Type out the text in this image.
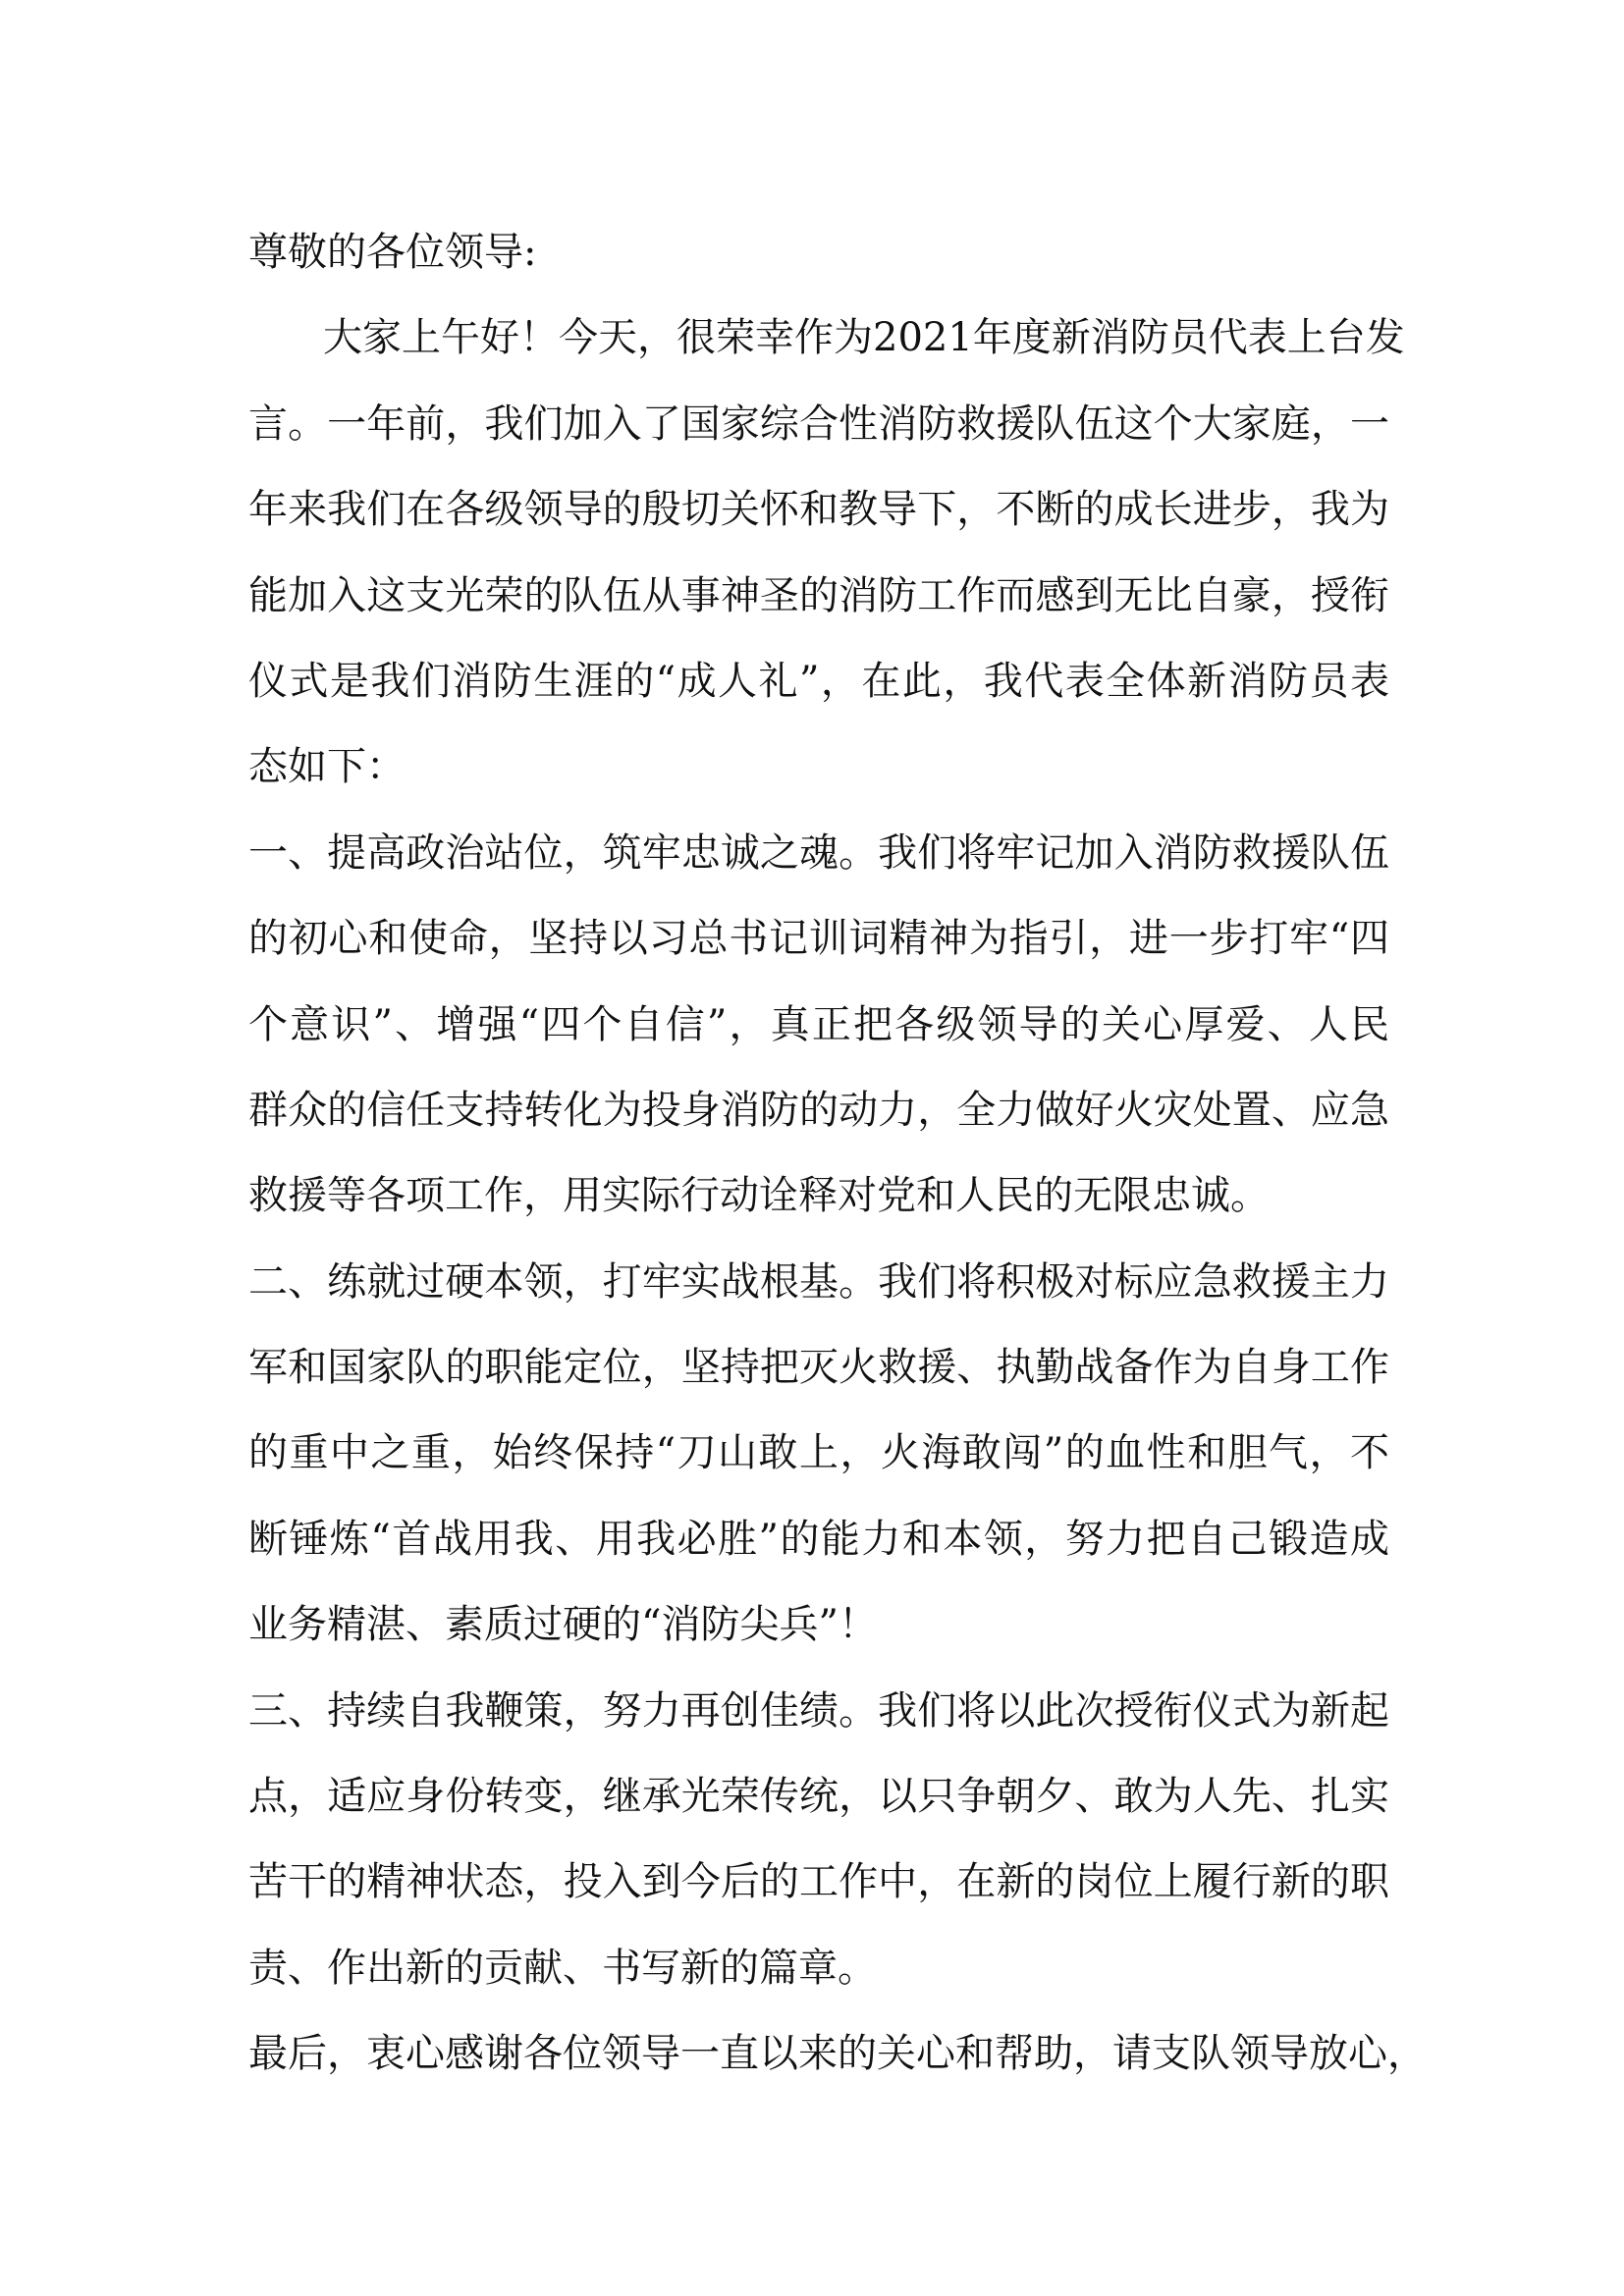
尊敬的各位领导:
大家上午好！今天，很荣幸作为2021年度新消防员代表上台发
言。一年前，我们加入了国家综合性消防救援队伍这个大家庭，一
年来我们在各级领导的殷切关怀和教导下，不断的成长进步，我为
能加入这支光荣的队伍从事神圣的消防工作而感到无比自豪，授衔
仪式是我们消防生涯的“成人礼”，在此，我代表全体新消防员表
态如下：
一、提高政治站位，筑牢忠诚之魂。我们将牢记加入消防救援队伍
的初心和使命，坚持以习总书记训词精神为指引，进一步打牢“四
个意识”、增强“四个自信”，真正把各级领导的关心厚爱、人民
群众的信任支持转化为投身消防的动力，全力做好火灾处置、应急
救援等各项工作，用实际行动诠释对党和人民的无限忠诚。
二、练就过硬本领，打牢实战根基。我们将积极对标应急救援主力
军和国家队的职能定位，坚持把灭火救援、执勤战备作为自身工作
的重中之重，始终保持“刀山敢上，火海敢闯”的血性和胆气，不
断锤炼“首战用我、用我必胜”的能力和本领，努力把自己锻造成
业务精湛、素质过硬的“消防尖兵”！
三、持续自我鞭策，努力再创佳绩。我们将以此次授衔仪式为新起
点，适应身份转变，继承光荣传统，以只争朝夕、敢为人先、扎实
苦干的精神状态，投入到今后的工作中，在新的岗位上履行新的职
责、作出新的贡献、书写新的篇章。
最后，衷心感谢各位领导一直以来的关心和帮助，请支队领导放心，
